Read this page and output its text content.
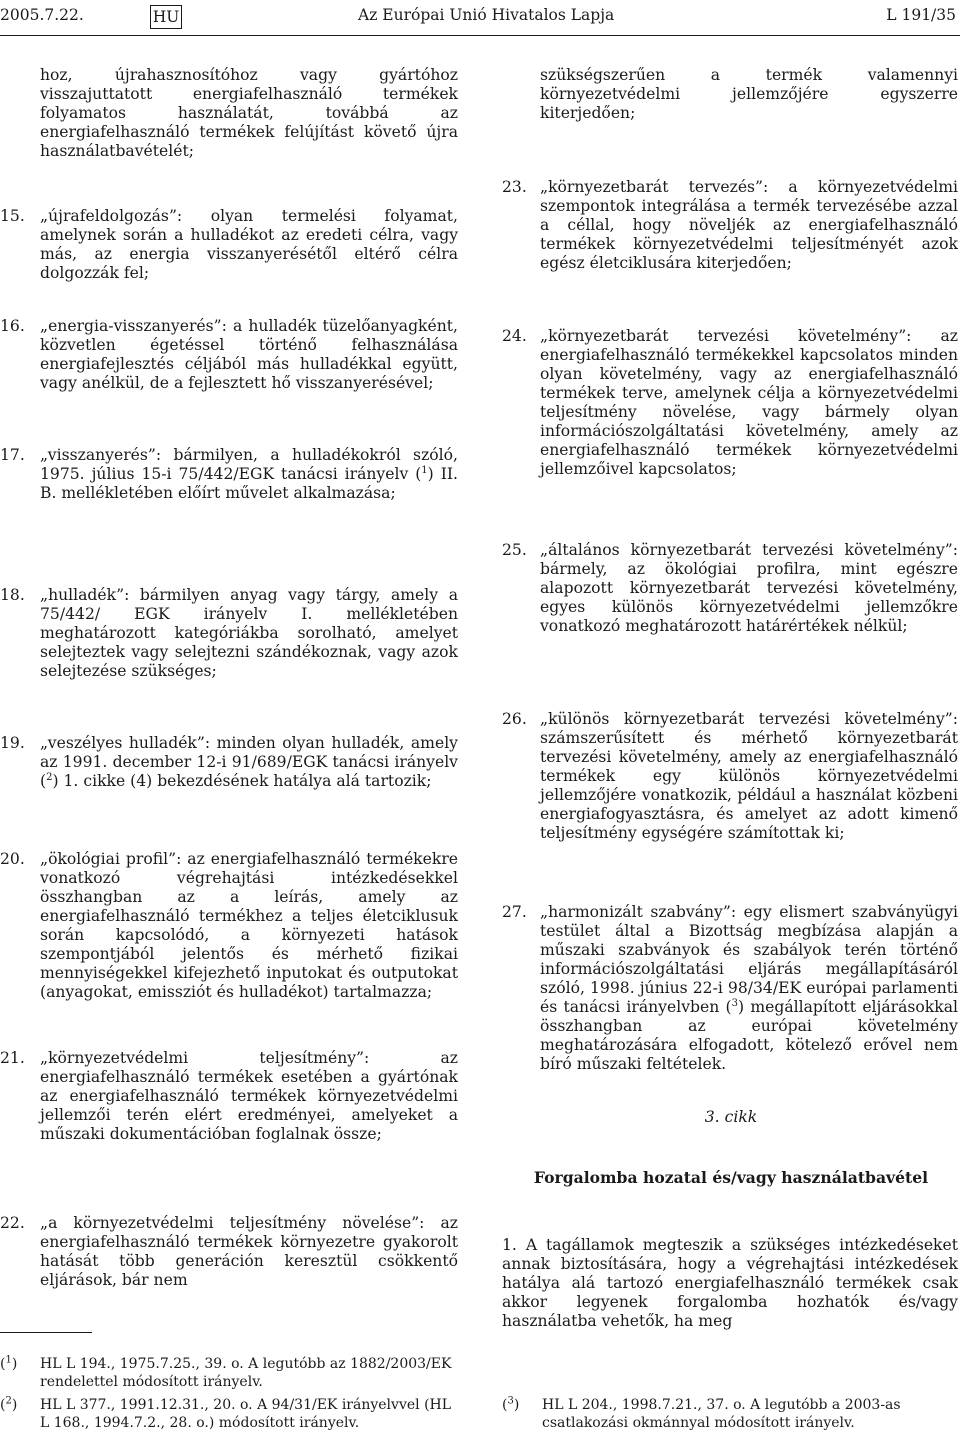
2005.7.22.	HU	Az Európai Unió Hivatalos Lapja	L 191/35
hoz, újrahasznosítóhoz vagy gyártóhoz visszajuttatott energiafelhasználó termékek folyamatos használatát, továbbá az energiafelhasználó termékek felújítást követő újra használatbavételét;
15. „újrafeldolgozás”: olyan termelési folyamat, amelynek során a hulladékot az eredeti célra, vagy más, az energia visszanyerésétől eltérő célra dolgozzák fel;
16. „energia-visszanyerés”: a hulladék tüzelőanyagként, közvetlen égetéssel történő felhasználása energiafejlesztés céljából más hulladékkal együtt, vagy anélkül, de a fejlesztett hő visszanyerésével;
17. „visszanyerés”: bármilyen, a hulladékokról szóló, 1975. július 15-i 75/442/EGK tanácsi irányelv ($^1$) II. B. mellékletében előírt művelet alkalmazása;
18. „hulladék”: bármilyen anyag vagy tárgy, amely a 75/442/ EGK irányelv I. mellékletében meghatározott kategóriákba sorolható, amelyet selejteztek vagy selejtezni szándékoznak, vagy azok selejtezése szükséges;
19. „veszélyes hulladék”: minden olyan hulladék, amely az 1991. december 12-i 91/689/EGK tanácsi irányelv ($^2$) 1. cikke (4) bekezdésének hatálya alá tartozik;
20. „ökológiai profil”: az energiafelhasználó termékekre vonatkozó végrehajtási intézkedésekkel összhangban az a leírás, amely az energiafelhasználó termékhez a teljes életciklusuk során kapcsolódó, a környezeti hatások szempontjából jelentős és mérhető fizikai mennyiségekkel kifejezhető inputokat és outputokat (anyagokat, emissziót és hulladékot) tartalmazza;
21. „környezetvédelmi teljesítmény”: az energiafelhasználó termékek esetében a gyártónak az energiafelhasználó termékek környezetvédelmi jellemzői terén elért eredményei, amelyeket a műszaki dokumentációban foglalnak össze;
22. „a környezetvédelmi teljesítmény növelése”: az energiafelhasználó termékek környezetre gyakorolt hatását több generáción keresztül csökkentő eljárások, bár nem
($^1$) HL L 194., 1975.7.25., 39. o. A legutóbb az 1882/2003/EK rendelettel módosított irányelv.
($^2$) HL L 377., 1991.12.31., 20. o. A 94/31/EK irányelvvel (HL L 168., 1994.7.2., 28. o.) módosított irányelv.
szükségszerűen a termék valamennyi környezetvédelmi jellemzőjére egyszerre kiterjedően;
23. „környezetbarát tervezés”: a környezetvédelmi szempontok integrálása a termék tervezésébe azzal a céllal, hogy növeljék az energiafelhasználó termékek környezetvédelmi teljesítményét azok egész életciklusára kiterjedően;
24. „környezetbarát tervezési követelmény”: az energiafelhasználó termékekkel kapcsolatos minden olyan követelmény, vagy az energiafelhasználó termékek terve, amelynek célja a környezetvédelmi teljesítmény növelése, vagy bármely olyan információszolgáltatási követelmény, amely az energiafelhasználó termékek környezetvédelmi jellemzőivel kapcsolatos;
25. „általános környezetbarát tervezési követelmény”: bármely, az ökológiai profilra, mint egészre alapozott környezetbarát tervezési követelmény, egyes különös környezetvédelmi jellemzőkre vonatkozó meghatározott határértékek nélkül;
26. „különös környezetbarát tervezési követelmény”: számszerűsített és mérhető környezetbarát tervezési követelmény, amely az energiafelhasználó termékek egy különös környezetvédelmi jellemzőjére vonatkozik, például a használat közbeni energiafogyasztásra, és amelyet az adott kimenő teljesítmény egységére számítottak ki;
27. „harmonizált szabvány”: egy elismert szabványügyi testület által a Bizottság megbízása alapján a műszaki szabványok és szabályok terén történő információszolgáltatási eljárás megállapításáról szóló, 1998. június 22-i 98/34/EK európai parlamenti és tanácsi irányelvben ($^3$) megállapított eljárásokkal összhangban az európai követelmény meghatározására elfogadott, kötelező erővel nem bíró műszaki feltételek.
3. cikk
Forgalomba hozatal és/vagy használatbavétel
1. A tagállamok megteszik a szükséges intézkedéseket annak biztosítására, hogy a végrehajtási intézkedések hatálya alá tartozó energiafelhasználó termékek csak akkor legyenek forgalomba hozhatók és/vagy használatba vehetők, ha meg
($^3$) HL L 204., 1998.7.21., 37. o. A legutóbb a 2003-as csatlakozási okmánnyal módosított irányelv.
